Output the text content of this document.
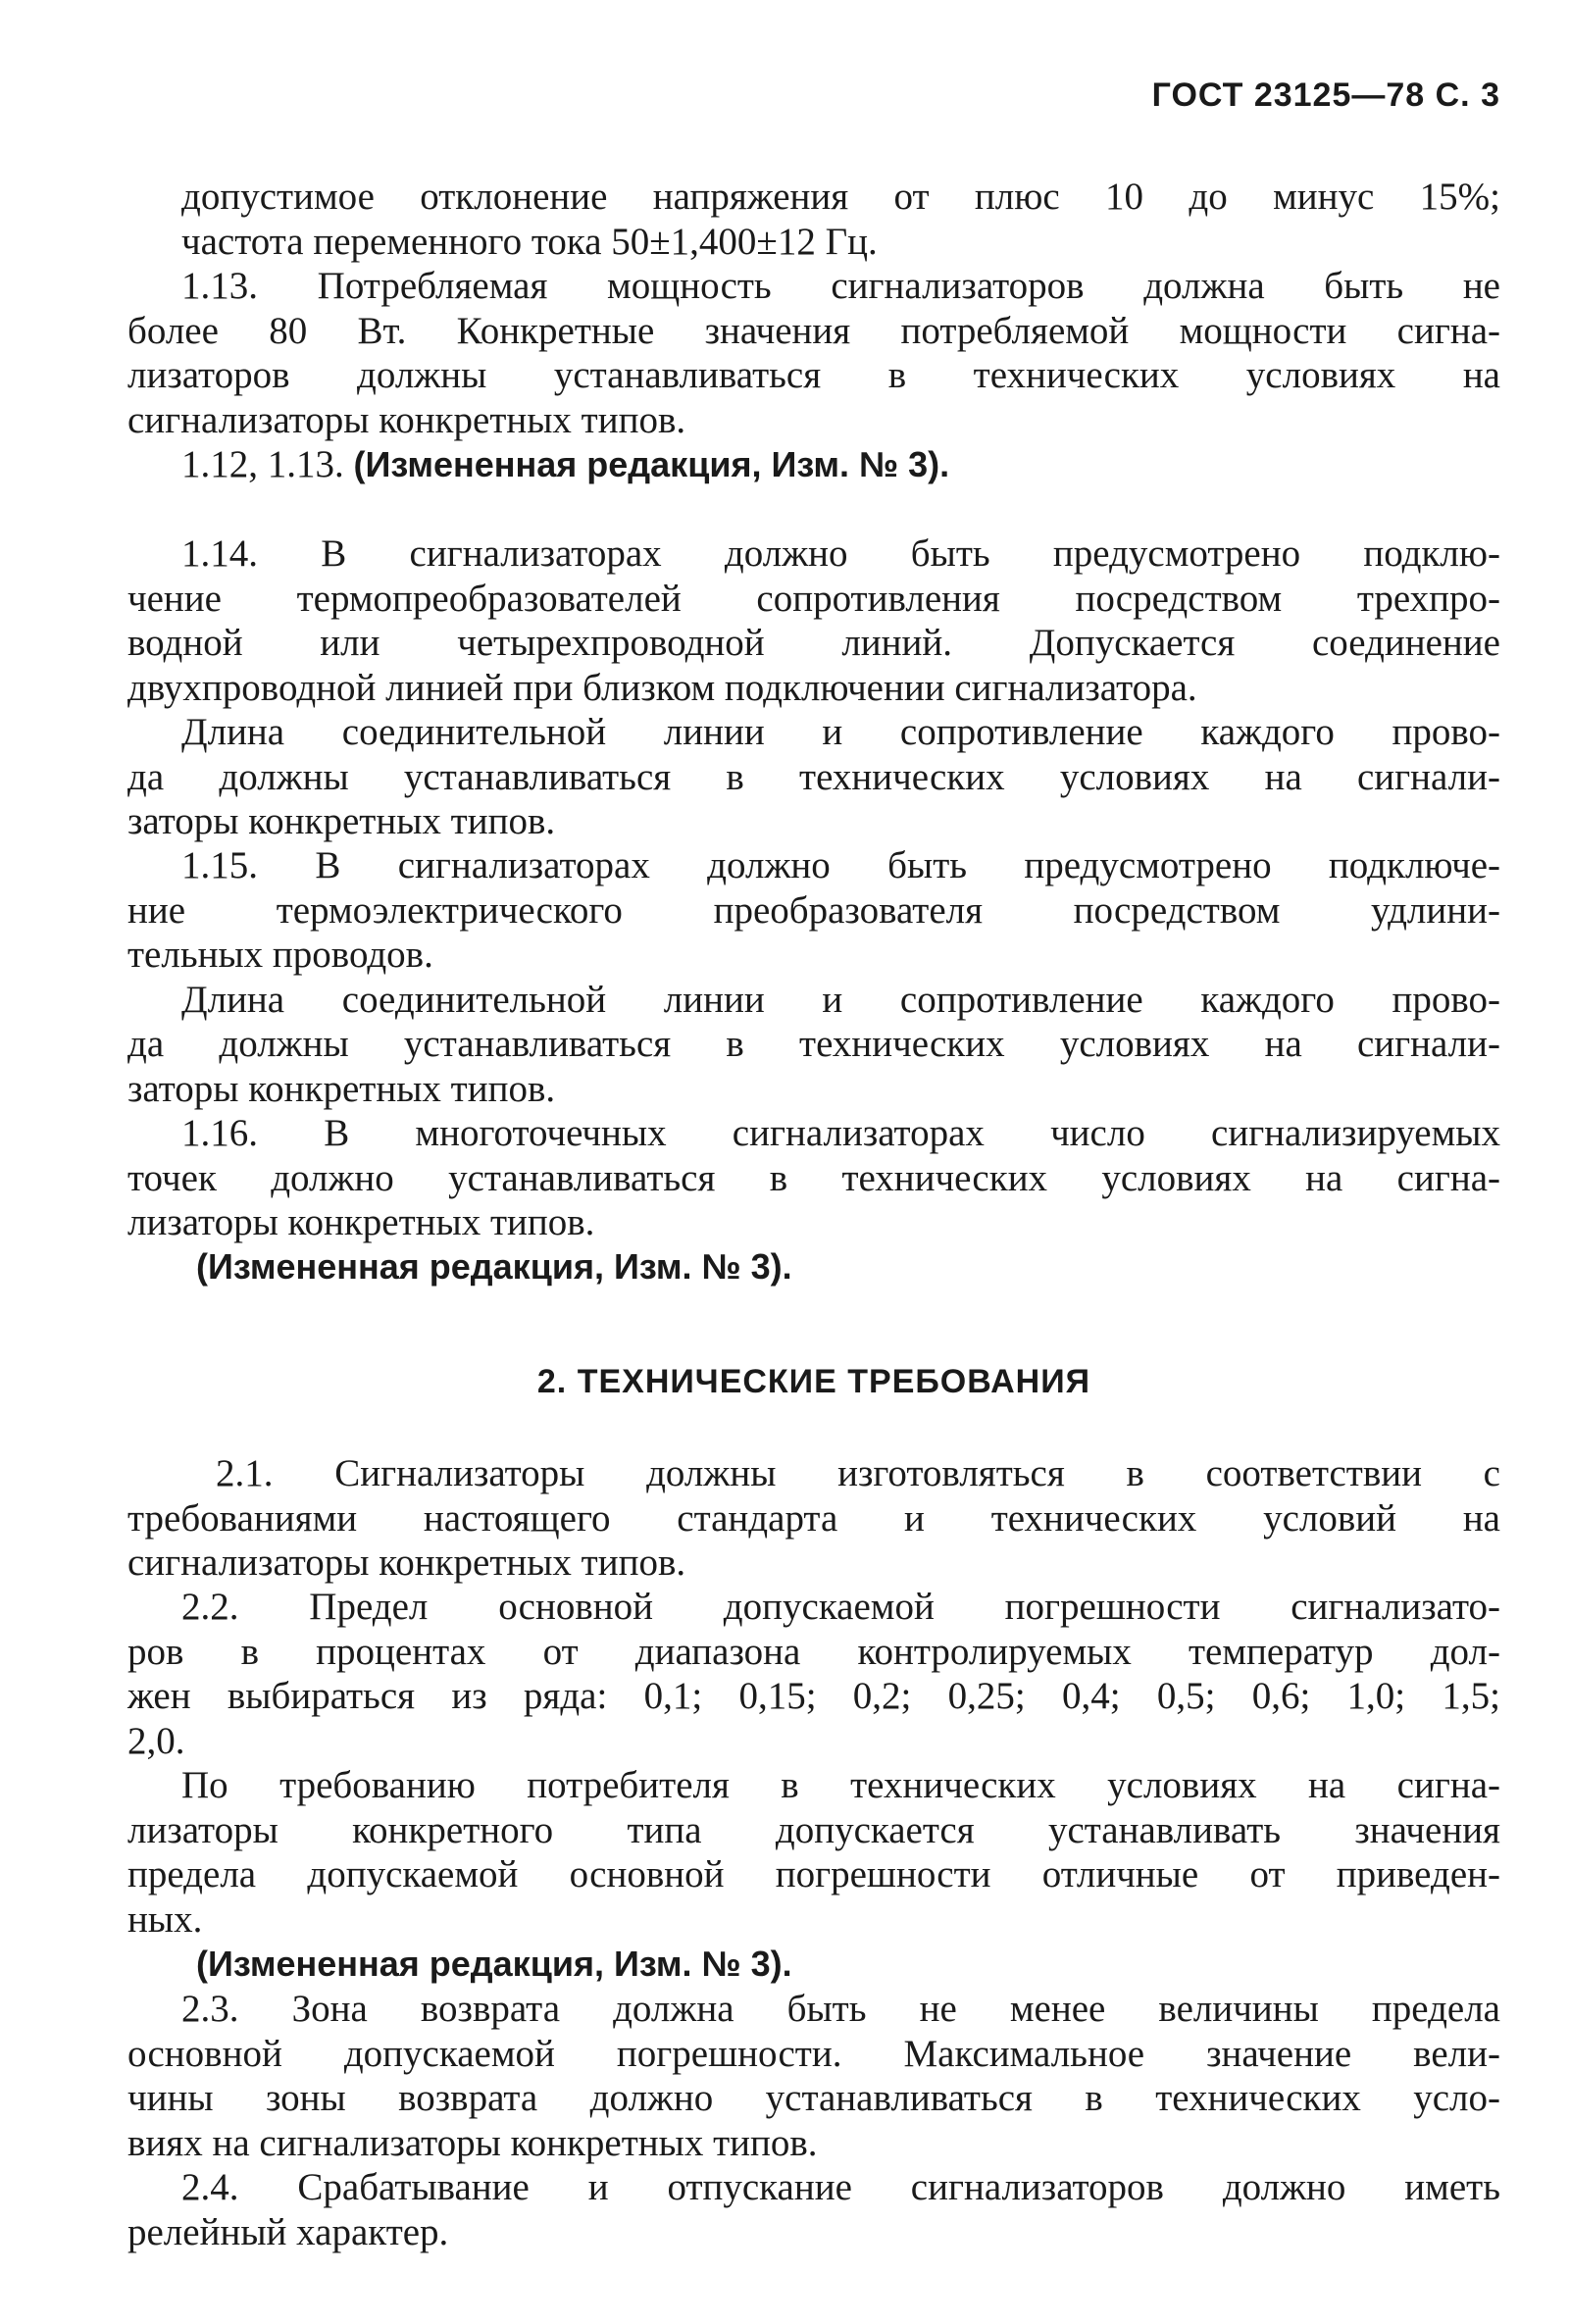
ГОСТ 23125—78 С. 3
допустимое отклонение напряжения от плюс 10 до минус 15%;
частота переменного тока 50±1,400±12 Гц.
1.13. Потребляемая мощность сигнализаторов должна быть не
более 80 Вт. Конкретные значения потребляемой мощности сигна-
лизаторов должны устанавливаться в технических условиях на
сигнализаторы конкретных типов.
1.12, 1.13. (Измененная редакция, Изм. № 3).
1.14. В сигнализаторах должно быть предусмотрено подклю-
чение термопреобразователей сопротивления посредством трехпро-
водной или четырехпроводной линий. Допускается соединение
двухпроводной линией при близком подключении сигнализатора.
Длина соединительной линии и сопротивление каждого прово-
да должны устанавливаться в технических условиях на сигнали-
заторы конкретных типов.
1.15. В сигнализаторах должно быть предусмотрено подключе-
ние термоэлектрического преобразователя посредством удлини-
тельных проводов.
Длина соединительной линии и сопротивление каждого прово-
да должны устанавливаться в технических условиях на сигнали-
заторы конкретных типов.
1.16. В многоточечных сигнализаторах число сигнализируемых
точек должно устанавливаться в технических условиях на сигна-
лизаторы конкретных типов.
(Измененная редакция, Изм. № 3).
2. ТЕХНИЧЕСКИЕ ТРЕБОВАНИЯ
2.1. Сигнализаторы должны изготовляться в соответствии с
требованиями настоящего стандарта и технических условий на
сигнализаторы конкретных типов.
2.2. Предел основной допускаемой погрешности сигнализато-
ров в процентах от диапазона контролируемых температур дол-
жен выбираться из ряда: 0,1; 0,15; 0,2; 0,25; 0,4; 0,5; 0,6; 1,0; 1,5;
2,0.
По требованию потребителя в технических условиях на сигна-
лизаторы конкретного типа допускается устанавливать значения
предела допускаемой основной погрешности отличные от приведен-
ных.
(Измененная редакция, Изм. № 3).
2.3. Зона возврата должна быть не менее величины предела
основной допускаемой погрешности. Максимальное значение вели-
чины зоны возврата должно устанавливаться в технических усло-
виях на сигнализаторы конкретных типов.
2.4. Срабатывание и отпускание сигнализаторов должно иметь
релейный характер.
